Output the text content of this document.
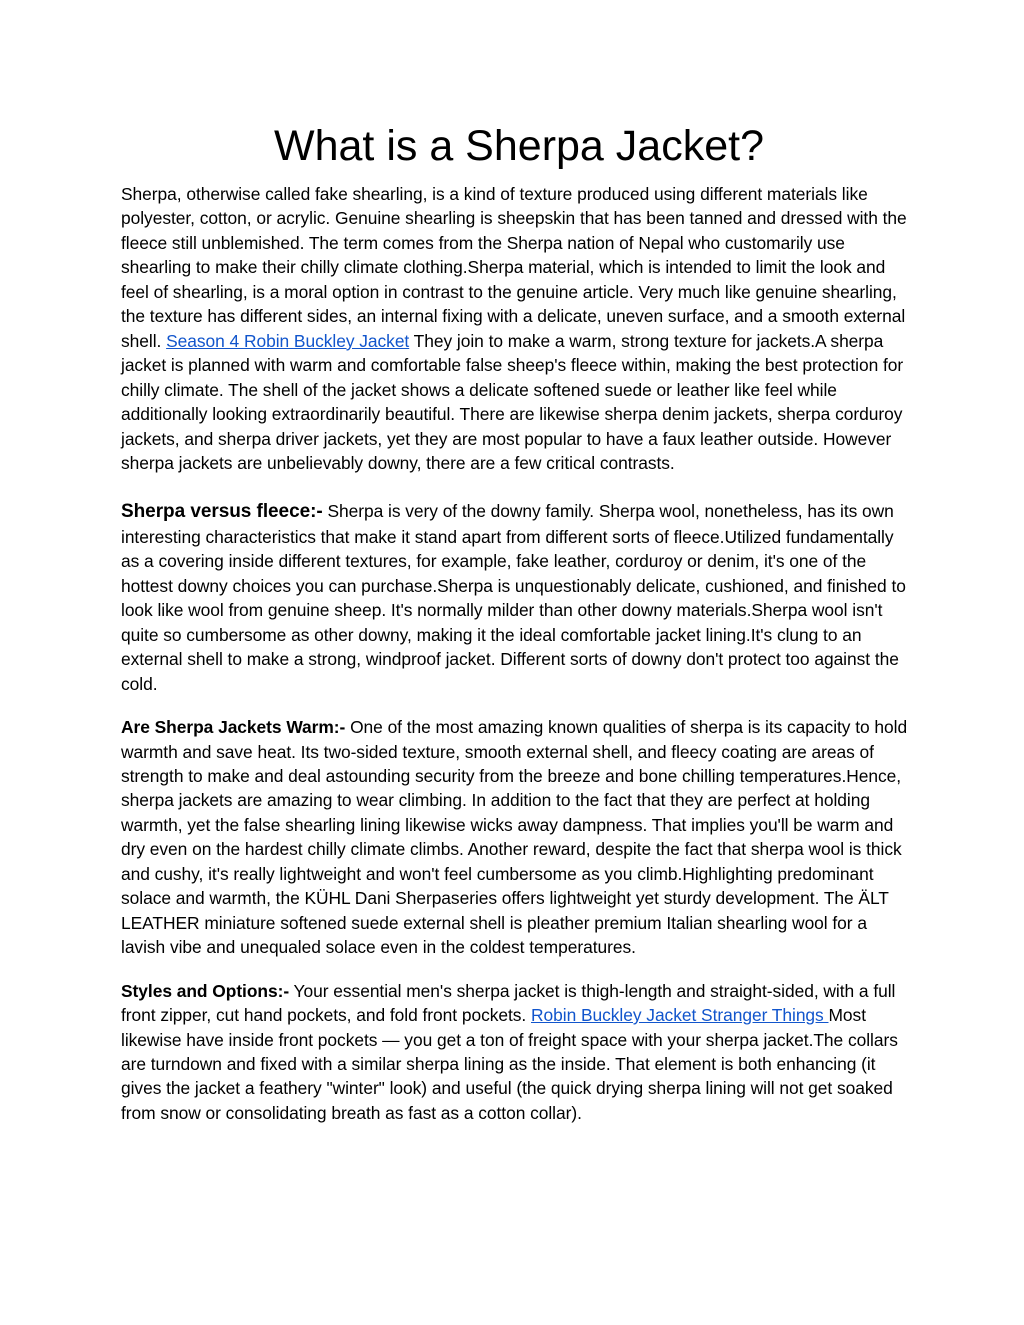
What is a Sherpa Jacket?

Sherpa, otherwise called fake shearling, is a kind of texture produced using different materials like polyester, cotton, or acrylic. Genuine shearling is sheepskin that has been tanned and dressed with the fleece still unblemished. The term comes from the Sherpa nation of Nepal who customarily use shearling to make their chilly climate clothing.Sherpa material, which is intended to limit the look and feel of shearling, is a moral option in contrast to the genuine article. Very much like genuine shearling, the texture has different sides, an internal fixing with a delicate, uneven surface, and a smooth external shell. Season 4 Robin Buckley Jacket They join to make a warm, strong texture for jackets.A sherpa jacket is planned with warm and comfortable false sheep's fleece within, making the best protection for chilly climate. The shell of the jacket shows a delicate softened suede or leather like feel while additionally looking extraordinarily beautiful. There are likewise sherpa denim jackets, sherpa corduroy jackets, and sherpa driver jackets, yet they are most popular to have a faux leather outside. However sherpa jackets are unbelievably downy, there are a few critical contrasts.

Sherpa versus fleece:- Sherpa is very of the downy family. Sherpa wool, nonetheless, has its own interesting characteristics that make it stand apart from different sorts of fleece.Utilized fundamentally as a covering inside different textures, for example, fake leather, corduroy or denim, it's one of the hottest downy choices you can purchase.Sherpa is unquestionably delicate, cushioned, and finished to look like wool from genuine sheep. It's normally milder than other downy materials.Sherpa wool isn't quite so cumbersome as other downy, making it the ideal comfortable jacket lining.It's clung to an external shell to make a strong, windproof jacket. Different sorts of downy don't protect too against the cold.

Are Sherpa Jackets Warm:- One of the most amazing known qualities of sherpa is its capacity to hold warmth and save heat. Its two-sided texture, smooth external shell, and fleecy coating are areas of strength to make and deal astounding security from the breeze and bone chilling temperatures.Hence, sherpa jackets are amazing to wear climbing. In addition to the fact that they are perfect at holding warmth, yet the false shearling lining likewise wicks away dampness. That implies you'll be warm and dry even on the hardest chilly climate climbs. Another reward, despite the fact that sherpa wool is thick and cushy, it's really lightweight and won't feel cumbersome as you climb.Highlighting predominant solace and warmth, the KÜHL Dani Sherpaseries offers lightweight yet sturdy development. The ÄLT LEATHER miniature softened suede external shell is pleather premium Italian shearling wool for a lavish vibe and unequaled solace even in the coldest temperatures.

Styles and Options:- Your essential men's sherpa jacket is thigh-length and straight-sided, with a full front zipper, cut hand pockets, and fold front pockets. Robin Buckley Jacket Stranger Things Most likewise have inside front pockets — you get a ton of freight space with your sherpa jacket.The collars are turndown and fixed with a similar sherpa lining as the inside. That element is both enhancing (it gives the jacket a feathery "winter" look) and useful (the quick drying sherpa lining will not get soaked from snow or consolidating breath as fast as a cotton collar).
